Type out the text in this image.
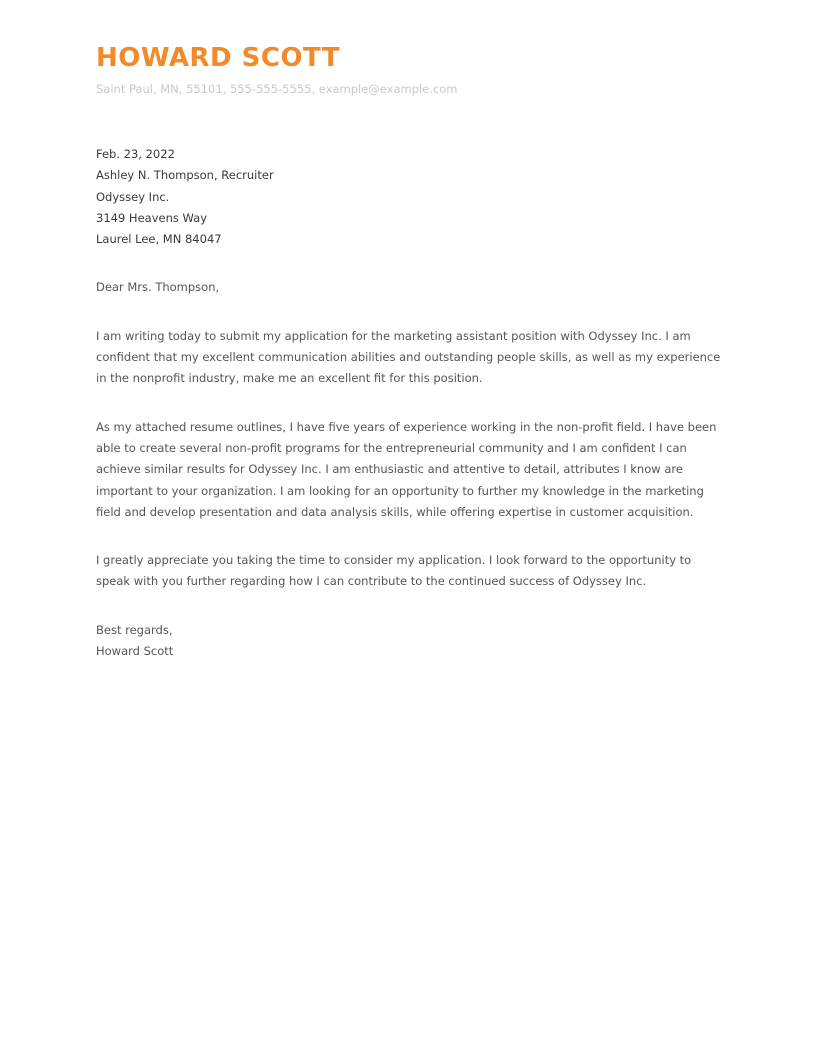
HOWARD SCOTT
Saint Paul, MN, 55101, 555-555-5555, example@example.com
Feb. 23, 2022
Ashley N. Thompson, Recruiter
Odyssey Inc.
3149 Heavens Way
Laurel Lee, MN 84047
Dear Mrs. Thompson,
I am writing today to submit my application for the marketing assistant position with Odyssey Inc. I am confident that my excellent communication abilities and outstanding people skills, as well as my experience in the nonprofit industry, make me an excellent fit for this position.
As my attached resume outlines, I have five years of experience working in the non-profit field. I have been able to create several non-profit programs for the entrepreneurial community and I am confident I can achieve similar results for Odyssey Inc. I am enthusiastic and attentive to detail, attributes I know are important to your organization. I am looking for an opportunity to further my knowledge in the marketing field and develop presentation and data analysis skills, while offering expertise in customer acquisition.
I greatly appreciate you taking the time to consider my application. I look forward to the opportunity to speak with you further regarding how I can contribute to the continued success of Odyssey Inc.
Best regards,
Howard Scott
